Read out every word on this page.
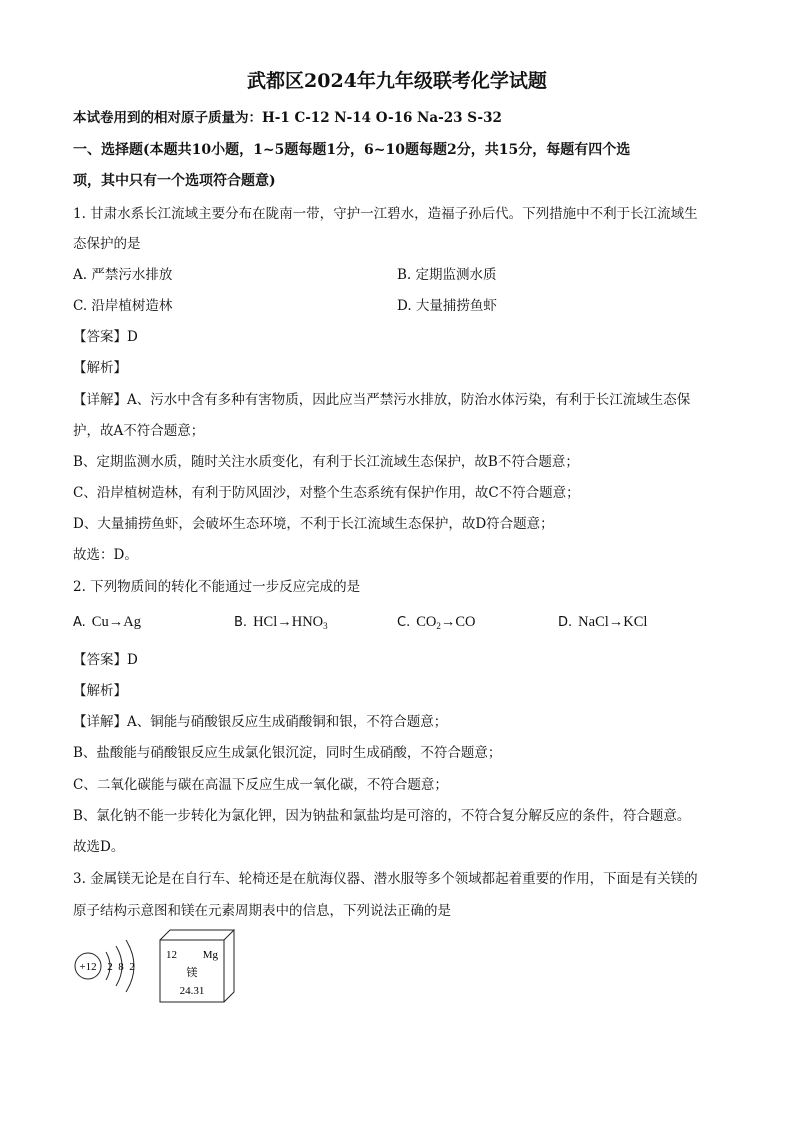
武都区2024年九年级联考化学试题
本试卷用到的相对原子质量为：H-1 C-12 N-14 O-16 Na-23 S-32
一、选择题(本题共10小题，1~5题每题1分，6~10题每题2分，共15分，每题有四个选
项，其中只有一个选项符合题意)
1. 甘肃水系长江流域主要分布在陇南一带，守护一江碧水，造福子孙后代。下列措施中不利于长江流域生
态保护的是
A. 严禁污水排放	B. 定期监测水质
C. 沿岸植树造林	D. 大量捕捞鱼虾
【答案】D
【解析】
【详解】A、污水中含有多种有害物质，因此应当严禁污水排放，防治水体污染，有利于长江流域生态保
护，故A不符合题意；
B、定期监测水质，随时关注水质变化，有利于长江流域生态保护，故B不符合题意；
C、沿岸植树造林，有利于防风固沙，对整个生态系统有保护作用，故C不符合题意；
D、大量捕捞鱼虾，会破坏生态环境，不利于长江流域生态保护，故D符合题意；
故选：D。
2. 下列物质间的转化不能通过一步反应完成的是
A. Cu→Ag	B. $HCl\to HNO_3$	C. $CO_2\to CO$	D. NaCl→KCl
【答案】D
【解析】
【详解】A、铜能与硝酸银反应生成硝酸铜和银，不符合题意；
B、盐酸能与硝酸银反应生成氯化银沉淀，同时生成硝酸，不符合题意；
C、二氧化碳能与碳在高温下反应生成一氧化碳，不符合题意；
B、氯化钠不能一步转化为氯化钾，因为钠盐和氯盐均是可溶的，不符合复分解反应的条件，符合题意。
故选D。
3. 金属镁无论是在自行车、轮椅还是在航海仪器、潜水服等多个领域都起着重要的作用，下面是有关镁的
原子结构示意图和镁在元素周期表中的信息，下列说法正确的是
+12 2 8 2
12 Mg
镁
24.31
